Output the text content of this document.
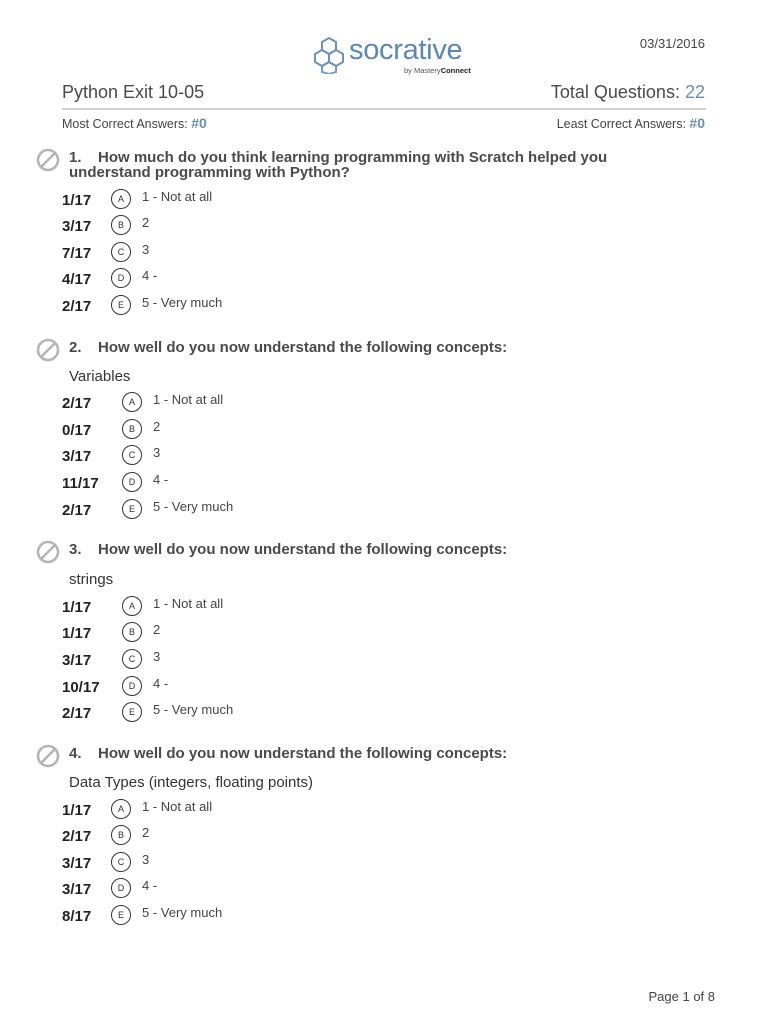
03/31/2016
socrative
by MasteryConnect
Python Exit 10-05	Total Questions: 22
Most Correct Answers: #0	Least Correct Answers: #0
1. How much do you think learning programming with Scratch helped you understand programming with Python?
1/17	A	1 - Not at all
3/17	B	2
7/17	C	3
4/17	D	4 -
2/17	E	5 - Very much
2. How well do you now understand the following concepts:
Variables
2/17	A	1 - Not at all
0/17	B	2
3/17	C	3
11/17	D	4 -
2/17	E	5 - Very much
3. How well do you now understand the following concepts:
strings
1/17	A	1 - Not at all
1/17	B	2
3/17	C	3
10/17	D	4 -
2/17	E	5 - Very much
4. How well do you now understand the following concepts:
Data Types (integers, floating points)
1/17	A	1 - Not at all
2/17	B	2
3/17	C	3
3/17	D	4 -
8/17	E	5 - Very much
Page 1 of 8
